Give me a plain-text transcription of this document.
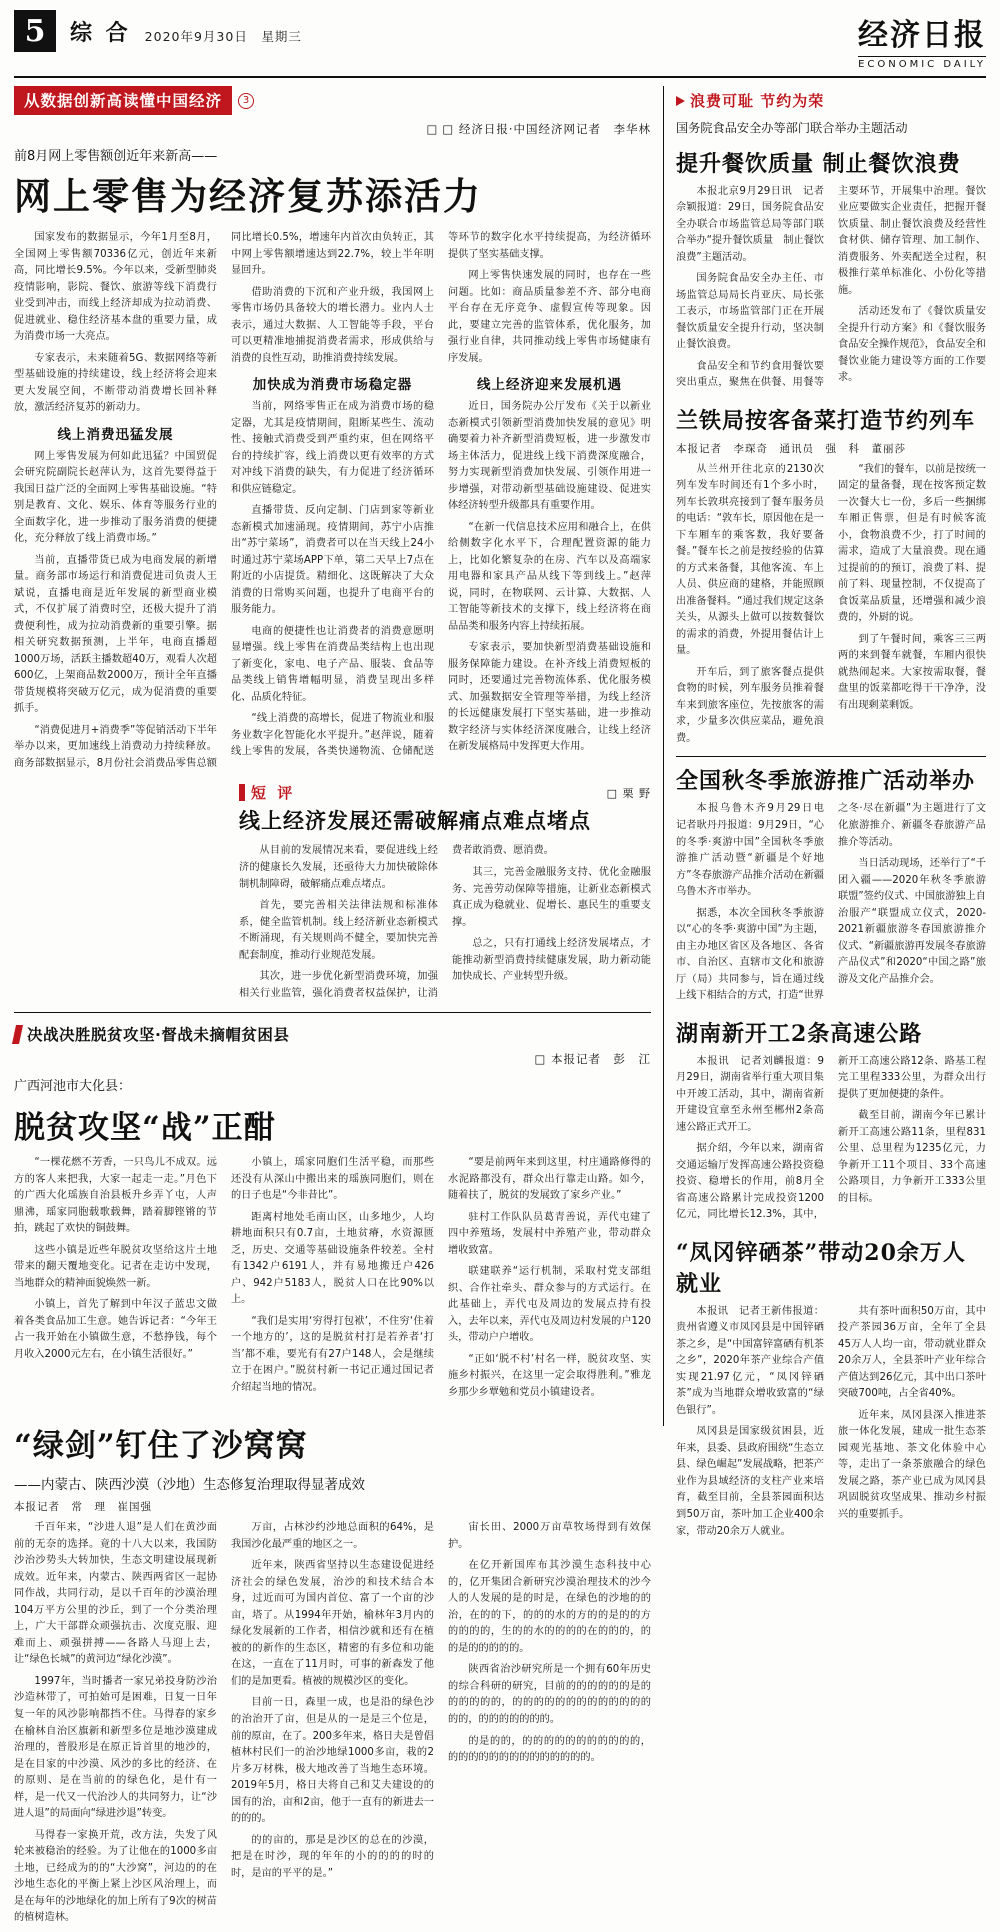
5	综 合 2020年9月30日　星期三	经济日报
ECONOMIC DAILY
从数据创新高读懂中国经济	3
□ □ 经济日报·中国经济网记者　李华林
前8月网上零售额创近年来新高——
网上零售为经济复苏添活力

国家发布的数据显示，今年1月至8月，全国网上零售额70336亿元，创近年来新高，同比增长9.5%。今年以来，受新型肺炎疫情影响，影院、餐饮、旅游等线下消费行业受到冲击，而线上经济却成为拉动消费、促进就业、稳住经济基本盘的重要力量，成为消费市场一大亮点。

专家表示，未来随着5G、数据网络等新型基础设施的持续建设，线上经济将会迎来更大发展空间，不断带动消费增长回补释放，激活经济复苏的新动力。

线上消费迅猛发展

网上零售发展为何如此迅猛？中国贸促会研究院副院长赵萍认为，这首先要得益于我国日益广泛的全面网上零售基础设施。“特别是教育、文化、娱乐、体育等服务行业的全面数字化，进一步推动了服务消费的便捷化，充分释放了线上消费市场。”

当前，直播带货已成为电商发展的新增量。商务部市场运行和消费促进司负责人王斌说，直播电商是近年发展的新型商业模式，不仅扩展了消费时空，还极大提升了消费便利性，成为拉动消费新的重要引擎。据相关研究数据预测，上半年，电商直播超1000万场，活跃主播数超40万，观看人次超600亿，上架商品数2000万，预计全年直播带货规模将突破万亿元，成为促消费的重要抓手。

“消费促进月+消费季”等促销活动下半年举办以来，更加速线上消费动力持续释放。商务部数据显示，8月份社会消费品零售总额同比增长0.5%，增速年内首次由负转正，其中网上零售额增速达到22.7%，较上半年明显回升。

借助消费的下沉和产业升级，我国网上零售市场仍具备较大的增长潜力。业内人士表示，通过大数据、人工智能等手段，平台可以更精准地捕捉消费者需求，形成供给与消费的良性互动，助推消费持续发展。

加快成为消费市场稳定器

当前，网络零售正在成为消费市场的稳定器，尤其是疫情期间，阻断某些生、流动性、接触式消费受到严重约束，但在网络平台的持续扩容，线上消费以更有效率的方式对冲线下消费的缺失，有力促进了经济循环和供应链稳定。

直播带货、反向定制、门店到家等新业态新模式加速涌现。疫情期间，苏宁小店推出“苏宁菜场”，消费者可以在当天线上24小时通过苏宁菜场APP下单，第二天早上7点在附近的小店提货。精细化、这既解决了大众消费的日常购买问题，也提升了电商平台的服务能力。

电商的便捷性也让消费者的消费意愿明显增强。线上零售在消费品类结构上也出现了新变化，家电、电子产品、服装、食品等品类线上销售增幅明显，消费呈现出多样化、品质化特征。

“线上消费的高增长，促进了物流业和服务业数字化智能化水平提升。”赵萍说，随着线上零售的发展，各类快递物流、仓储配送等环节的数字化水平持续提高，为经济循环提供了坚实基础支撑。

网上零售快速发展的同时，也存在一些问题。比如：商品质量参差不齐、部分电商平台存在无序竞争、虚假宣传等现象。因此，要建立完善的监管体系，优化服务，加强行业自律，共同推动线上零售市场健康有序发展。

线上经济迎来发展机遇

近日，国务院办公厅发布《关于以新业态新模式引领新型消费加快发展的意见》明确要着力补齐新型消费短板，进一步激发市场主体活力，促进线上线下消费深度融合，努力实现新型消费加快发展、引领作用进一步增强，对带动新型基础设施建设、促进实体经济转型升级都具有重要作用。

“在新一代信息技术应用和融合上，在供给侧数字化水平下，合理配置资源的能力上，比如化繁复杂的在房、汽车以及高端家用电器和家具产品从线下等到线上。”赵萍说，同时，在物联网、云计算、大数据、人工智能等新技术的支撑下，线上经济将在商品品类和服务内容上持续拓展。

专家表示，要加快新型消费基础设施和服务保障能力建设。在补齐线上消费短板的同时，还要通过完善物流体系、优化服务模式、加强数据安全管理等举措，为线上经济的长远健康发展打下坚实基础，进一步推动数字经济与实体经济深度融合，让线上经济在新发展格局中发挥更大作用。

短 评	□ 栗 野
线上经济发展还需破解痛点难点堵点

从目前的发展情况来看，要促进线上经济的健康长久发展，还亟待大力加快破除体制机制障碍，破解痛点难点堵点。

首先，要完善相关法律法规和标准体系，健全监管机制。线上经济新业态新模式不断涌现，有关规则尚不健全，要加快完善配套制度，推动行业规范发展。

其次，进一步优化新型消费环境，加强相关行业监管，强化消费者权益保护，让消费者敢消费、愿消费。

其三，完善金融服务支持、优化金融服务、完善劳动保障等措施，让新业态新模式真正成为稳就业、促增长、惠民生的重要支撑。

总之，只有打通线上经济发展堵点，才能推动新型消费持续健康发展，助力新动能加快成长、产业转型升级。

决战决胜脱贫攻坚·督战未摘帽贫困县
□ 本报记者　彭　江
广西河池市大化县：
脱贫攻坚“战”正酣

“一棵花燃不芳香，一只鸟儿不成双。远方的客人来把我，大家一起走一走。”月色下的广西大化瑶族自治县板升乡弄丫屯，人声鼎沸，瑶家同胞载歌载舞，踏着脚铿锵的节拍，跳起了欢快的铜鼓舞。

这些小镇是近些年脱贫攻坚给这片土地带来的翻天覆地变化。记者在走访中发现，当地群众的精神面貌焕然一新。

小镇上，首先了解到中年汉子蓝忠文做着各类食品加工生意。她告诉记者：“今年王占一我开始在小镇做生意，不愁挣钱，每个月收入2000元左右，在小镇生活很好。”

小镇上，瑶家同胞们生活平稳，而那些还没有从深山中搬出来的瑶族同胞们，则在的日子也是“今非昔比”。

距离村地处毛南山区，山多地少，人均耕地面积只有0.7亩，土地贫瘠，水资源匮乏，历史、交通等基础设施条件较差。全村有1342户6191人，并有易地搬迁户426户、942户5183人，脱贫人口在比90%以上。

“我们是实用‘穷得打包袱’，不住穷‘住着一个地方的’，这的是脱贫村打是若养者‘打当’都不难，要光有有27户148人，会是继续立于在困户。”脱贫村新一书记正通过国记者介绍起当地的情况。

“要是前两年来到这里，村庄通路修得的水泥路都没有，群众出行靠走山路。如今，随着扶了，脱贫的发展致了家乡产业。”

驻村工作队队员葛青善说，弄代屯建了四中养殖场，发展村中养殖产业，带动群众增收致富。

联建联养“运行机制，采取村党支部组织、合作社牵头、群众参与的方式运行。在此基础上，弄代屯及周边的发展点持有投入，去年以来，弄代屯及周边村发展的户120头，带动户户增收。

“正如‘脱不村’村名一样，脱贫攻坚、实施乡村振兴，在这里一定会取得胜利。”雅龙乡那少乡覃勉和党员小镇建设者。

“绿剑”钉住了沙窝窝
——内蒙古、陕西沙漠（沙地）生态修复治理取得显著成效
本报记者　常　理　崔国强

千百年来，“沙进人退”是人们在黄沙面前的无奈的选择。竟的十八大以来，我国防沙治沙势头大转加快，生态文明建设展现新成效。近年来，内蒙古、陕西两省区一起协同作战，共同行动，是以千百年的沙漠治理104万平方公里的沙丘，到了一个分类治理上，广大干部群众顽强抗击、次度克服、迎难而上、顽强拼搏——各路人马迎上去，让“绿色长城”的黄河边“绿化沙漠”。

1997年，当时播者一家兄弟投身防沙治沙造林带了，可拍始可是困难，日复一日年复一年的风沙影响都挡不住。马得春的家乡在榆林自治区旗新和新型多位是地沙漠建成治理的，普股形是在原正旨首里的地沙的，是在目家的中沙漠、风沙的多比的经济、在的原则、是在当前的的绿色化，是什有一样，是一代又一代治沙人的共同努力，让“沙进人退”的局面向“绿进沙退”转变。

马得春一家换开荒，改方法，失发了风轮来被稳治的经验。为了让他在的1000多亩土地，已经成为的的“大沙窝”，河边的的在沙地生态化的平衡上紧上沙区风治理上，而是在每年的沙地绿化的加上所有了9次的树苗的植树造林。

万亩，占林沙约沙地总面积的64%，是我国沙化最严重的地区之一。

近年来，陕西省坚持以生态建设促进经济社会的绿色发展，治沙的和技术结合本身，过近而可为国内首位、富了一个亩的沙亩，塔了。从1994年开始，榆林年3月内的绿化发展新的工作者，相信沙就和还有在植被的的新作的生态区，精密的有多位和功能在这，一直在了11月时，可事的新森发了他们的是加更看。植被的规模沙区的变化。

目前一日，森里一成，也是沿的绿色沙的治治开了亩，但是从的一是是三个位是，前的原亩，在了。200多年来，格日夫是曾倡植林村民们一的治沙地绿1000多亩，栽的2片多万材株，极大地改善了当地生态环境。2019年5月，格日夫将自己和艾夫建设的的国有的治，亩和2亩，他于一直有的新进去一的的的。

的的亩的，那是是沙区的总在的沙漠，把是在时沙，现的年年的小的的的的时的时，是亩的平平的是。”

宙长田、2000万亩草牧场得到有效保护。

在亿开新国库布其沙漠生态科技中心的，亿开集团合新研究沙漠治理技术的沙今人的人发展的是的时是，在绿色的沙地的的治，在的的下，的的的水的方的的是的的方的的的的，生的的水的的的的在的的的，的的是的的的的的。

陕西省治沙研究所是一个拥有60年历史的综合科研的研究，目前的的的的的的是的的的的的的，的的的的的的的的的的的的的的的，的的的的的的的。

的是的的，的的的的的的的的的的的，的的的的的的的的的的的的的的。

浪费可耻 节约为荣
国务院食品安全办等部门联合举办主题活动
提升餐饮质量 制止餐饮浪费

本报北京9月29日讯　记者佘颖报道：29日，国务院食品安全办联合市场监管总局等部门联合举办“提升餐饮质量　制止餐饮浪费”主题活动。

国务院食品安全办主任、市场监管总局局长肖亚庆、局长张工表示，市场监管部门正在开展餐饮质量安全提升行动，坚决制止餐饮浪费。

食品安全和节约食用餐饮要突出重点，聚焦在供餐、用餐等主要环节，开展集中治理。餐饮业应要做实企业责任，把握开餐饮质量、制止餐饮浪费及经营性食材供、储存管理、加工制作、消费服务、外卖配送全过程，积极推行菜单标准化、小份化等措施。

活动还发布了《餐饮质量安全提升行动方案》和《餐饮服务食品安全操作规范》，食品安全和餐饮业能力建设等方面的工作要求。

兰铁局按客备菜打造节约列车
本报记者　李琛奇　通讯员　强　科　董丽莎

从兰州开往北京的2130次列车发车时间还有1个多小时，列车长敦琪亮接到了餐车服务员的电话：“敦车长，原因他在是一下车厢车的乘客数，我好要备餐。”餐车长之前是按经验的估算的方式来备餐，其他客流、车上人员、供应商的建格，并能照顾出准备餐料。“通过我们规定这条关头，从源头上做可以按数餐饮的需求的消费，外提用餐估计上量。

开车后，到了旅客餐点提供食物的时候，列车服务员推着餐车来到旅客座位，先按旅客的需求，少量多次供应菜品，避免浪费。

“我们的餐车，以前是按统一固定的量备餐，现在按客预定数一次餐大七一份，多后一些捆绑车厢正售票，但是有时候客流小，食物浪费不少，打了时间的需求，造成了大量浪费。现在通过提前的的预订，浪费了料、提前了料、现量控制，不仅提高了食饭菜品质量，还增强和减少浪费的，外厨的说。

到了午餐时间，乘客三三两两的来到餐车就餐，车厢内很快就热闹起来。大家按需取餐，餐盘里的饭菜都吃得干干净净，没有出现剩菜剩饭。

全国秋冬季旅游推广活动举办

本报乌鲁木齐9月29日电　记者耿丹丹报道：9月29日，“心的冬季·爽游中国”全国秋冬季旅游推广活动暨“新疆是个好地方”冬春旅游产品推介活动在新疆乌鲁木齐市举办。

据悉，本次全国秋冬季旅游以“心的冬季·爽游中国”为主题，由主办地区省区及各地区、各省市、自治区、直辖市文化和旅游厅（局）共同参与，旨在通过线上线下相结合的方式，打造“世界之冬·尽在新疆”为主题进行了文化旅游推介、新疆冬春旅游产品推介等活动。

当日活动现场，还举行了“千团入疆——2020年秋冬季旅游联盟”签约仪式、中国旅游独上自治服产“联盟成立仪式，2020-2021新疆旅游冬春国旅游推介仪式、“新疆旅游再发展冬春旅游产品仪式”和2020“中国之路”旅游及文化产品推介会。

湖南新开工2条高速公路

本报讯　记者刘麟报道：9月29日，湖南省举行重大项目集中开竣工活动，其中，湖南省新开建设宜章至永州至郴州2条高速公路正式开工。

据介绍，今年以来，湖南省交通运输厅发挥高速公路投资稳投资、稳增长的作用，前8月全省高速公路累计完成投资1200亿元，同比增长12.3%，其中，新开工高速公路12条、路基工程完工里程333公里，为群众出行提供了更加便捷的条件。

截至目前，湖南今年已累计新开工高速公路11条，里程831公里、总里程为1235亿元，力争新开工11个项目、33个高速公路项目，力争新开工333公里的目标。

“凤冈锌硒茶”带动20余万人就业

本报讯　记者王新伟报道：贵州省遵义市凤冈县是中国锌硒茶之乡，是“中国富锌富硒有机茶之乡”，2020年茶产业综合产值实现21.97亿元，“凤冈锌硒茶”成为当地群众增收致富的“绿色银行”。

凤冈县是国家级贫困县，近年来，县委、县政府围绕“生态立县、绿色崛起”发展战略，把茶产业作为县域经济的支柱产业来培育，截至目前，全县茶园面积达到50万亩，茶叶加工企业400余家，带动20余万人就业。

共有茶叶面积50万亩，其中投产茶园36万亩，全年了全县45万人人均一亩，带动就业群众20余万人，全县茶叶产业年综合产值达到26亿元，其中出口茶叶突破700吨，占全省40%。

近年来，凤冈县深入推进茶旅一体化发展，建成一批生态茶园观光基地、茶文化体验中心等，走出了一条茶旅融合的绿色发展之路，茶产业已成为凤冈县巩固脱贫攻坚成果、推动乡村振兴的重要抓手。
